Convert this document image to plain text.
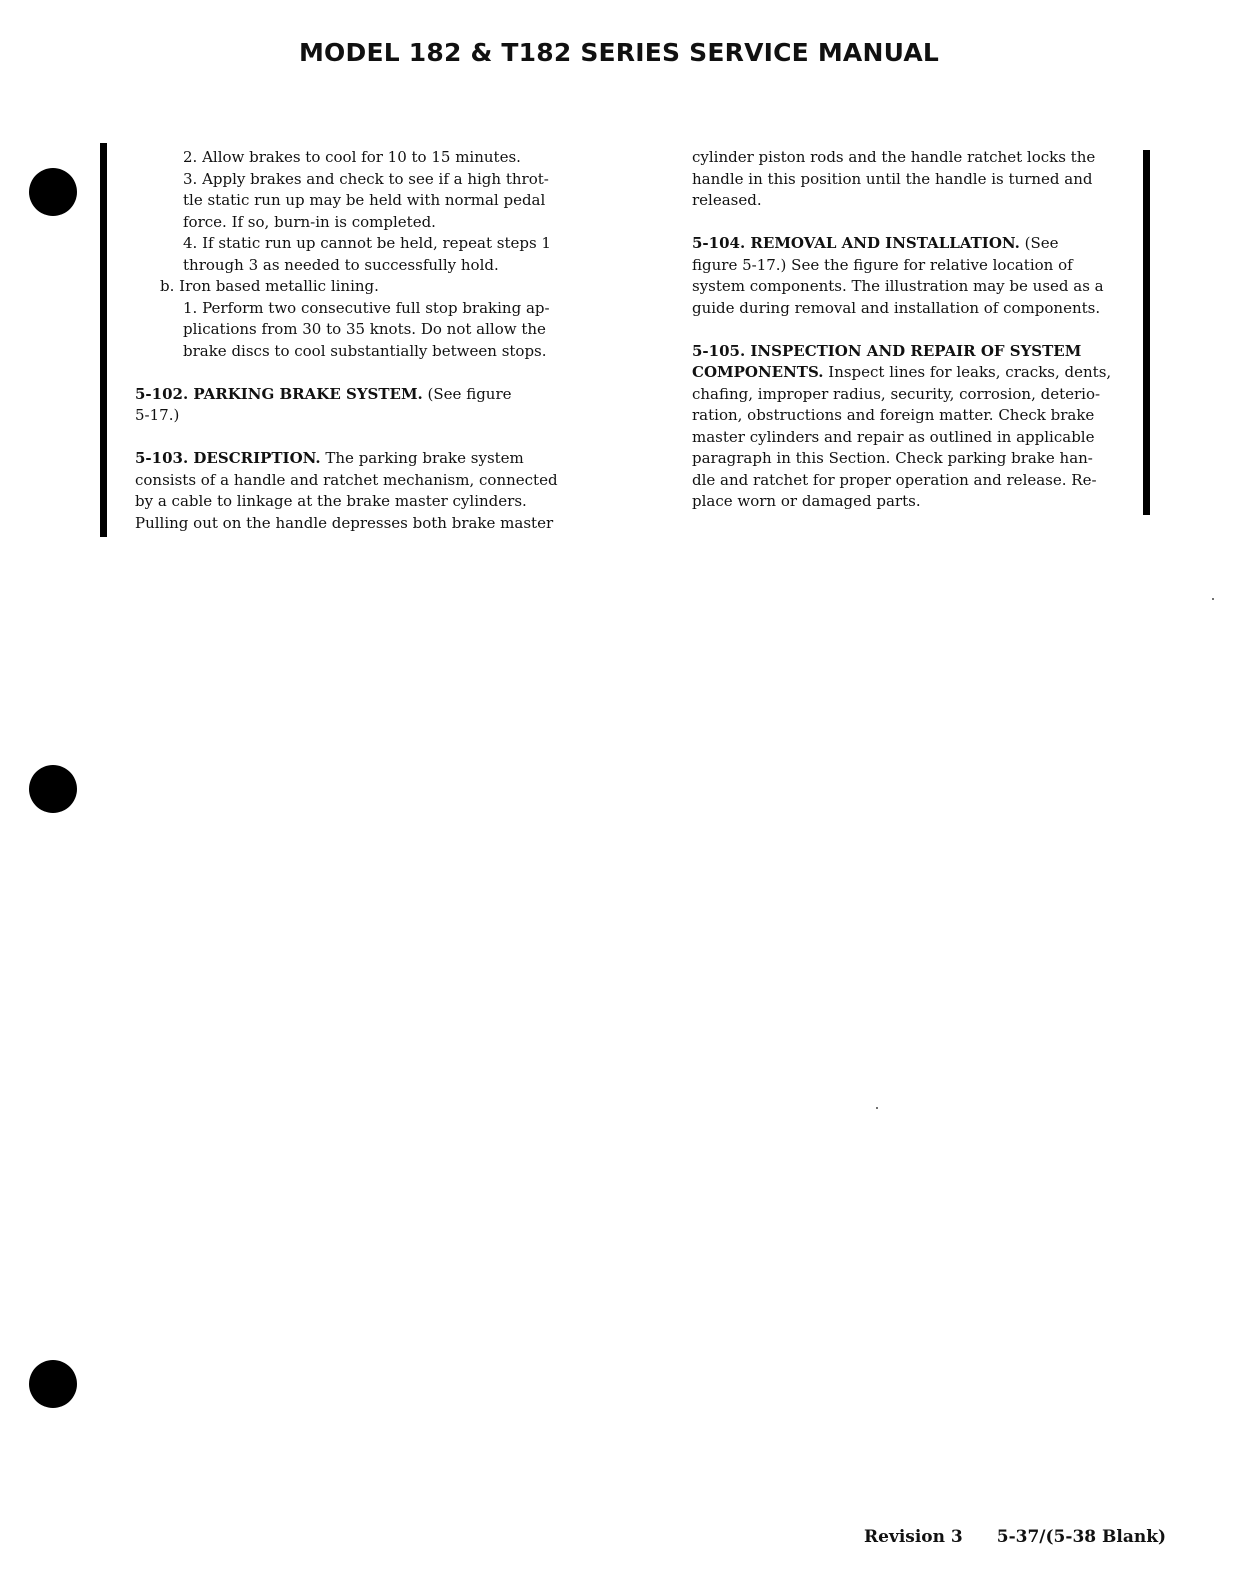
MODEL 182 & T182 SERIES SERVICE MANUAL

2. Allow brakes to cool for 10 to 15 minutes.

3. Apply brakes and check to see if a high throt-

tle static run up may be held with normal pedal

force. If so, burn-in is completed.

4. If static run up cannot be held, repeat steps 1

through 3 as needed to successfully hold.

b. Iron based metallic lining.

1. Perform two consecutive full stop braking ap-

plications from 30 to 35 knots. Do not allow the

brake discs to cool substantially between stops.

5-102. PARKING BRAKE SYSTEM. (See figure

5-17.)

5-103. DESCRIPTION. The parking brake system

consists of a handle and ratchet mechanism, connected

by a cable to linkage at the brake master cylinders.

Pulling out on the handle depresses both brake master

cylinder piston rods and the handle ratchet locks the

handle in this position until the handle is turned and

released.

5-104. REMOVAL AND INSTALLATION. (See

figure 5-17.) See the figure for relative location of

system components. The illustration may be used as a

guide during removal and installation of components.

5-105. INSPECTION AND REPAIR OF SYSTEM

COMPONENTS. Inspect lines for leaks, cracks, dents,

chafing, improper radius, security, corrosion, deterio-

ration, obstructions and foreign matter. Check brake

master cylinders and repair as outlined in applicable

paragraph in this Section. Check parking brake han-

dle and ratchet for proper operation and release. Re-

place worn or damaged parts.

Revision 3 5-37/(5-38 Blank)
